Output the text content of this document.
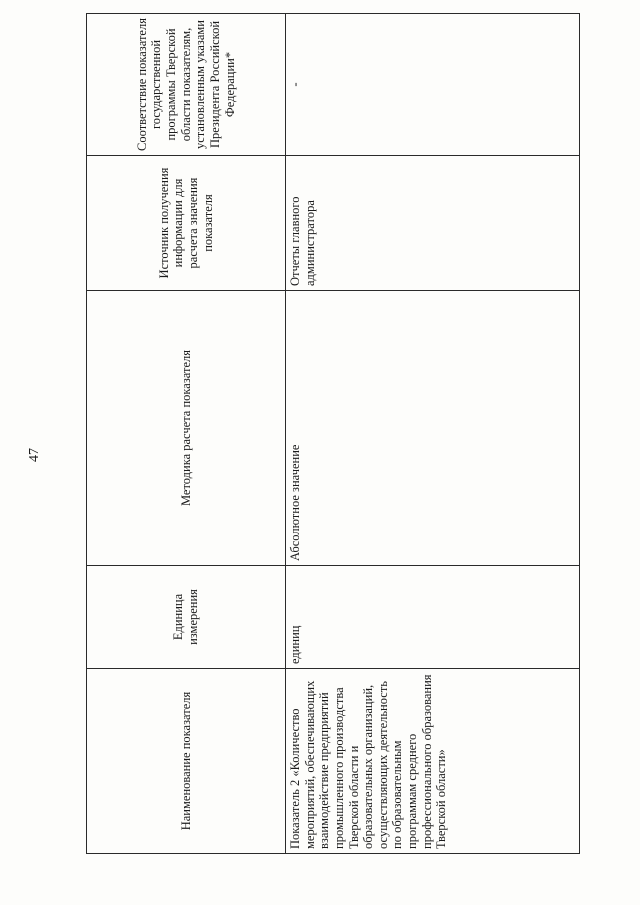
47
Наименование показателя	Единица измерения	Методика расчета показателя	Источник получения информации для расчета значения показателя	Соответствие показателя государственной программы Тверской области показателям, установленным указами Президента Российской Федерации*
Показатель 2 «Количество мероприятий, обеспечивающих взаимодействие предприятий промышленного производства Тверской области и образовательных организаций, осуществляющих деятельность по образовательным программам среднего профессионального образования Тверской области»	единиц	Абсолютное значение	Отчеты главного администратора	-
